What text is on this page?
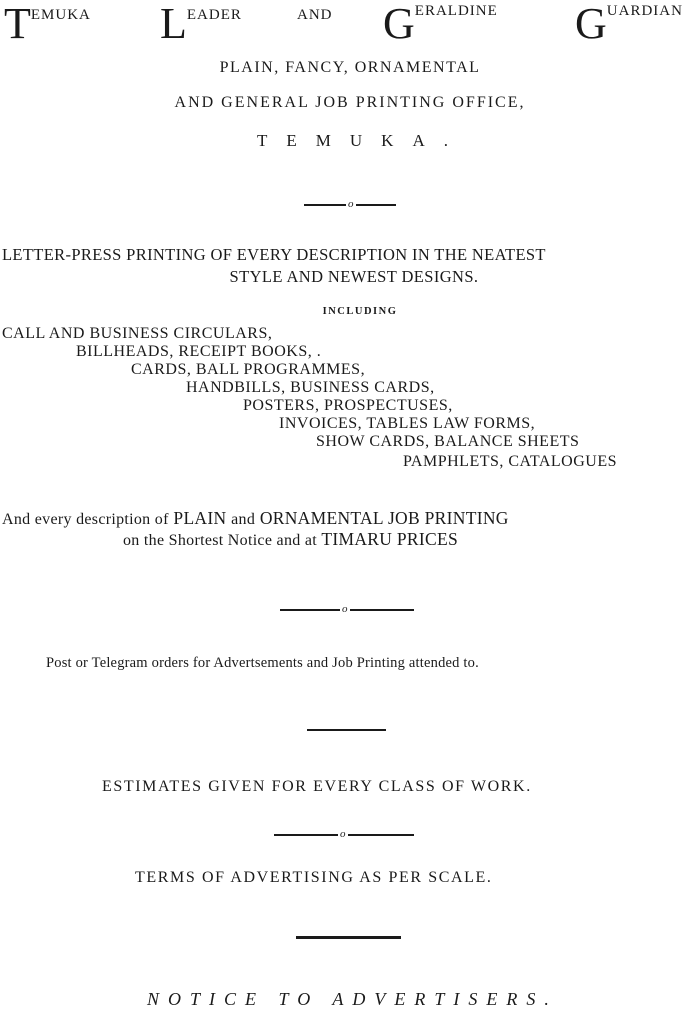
TEMUKA LEADER	AND GERALDINE GUARDIAN
PLAIN, FANCY, ORNAMENTAL
AND GENERAL JOB PRINTING OFFICE,
TEMUKA.
o
LETTER-PRESS PRINTING OF EVERY DESCRIPTION IN THE NEATEST
STYLE AND NEWEST DESIGNS.
INCLUDING
CALL AND BUSINESS CIRCULARS,
BILLHEADS, RECEIPT BOOKS, .
CARDS, BALL PROGRAMMES,
HANDBILLS, BUSINESS CARDS,
POSTERS, PROSPECTUSES,
INVOICES, TABLES LAW FORMS,
SHOW CARDS, BALANCE SHEETS
PAMPHLETS, CATALOGUES
And every description of PLAIN and ORNAMENTAL JOB PRINTING
on the Shortest Notice and at TIMARU PRICES
o
Post or Telegram orders for Advertsements and Job Printing attended to.
ESTIMATES GIVEN FOR EVERY CLASS OF WORK.
o
TERMS OF ADVERTISING AS PER SCALE.
NOTICE TO ADVERTISERS.
